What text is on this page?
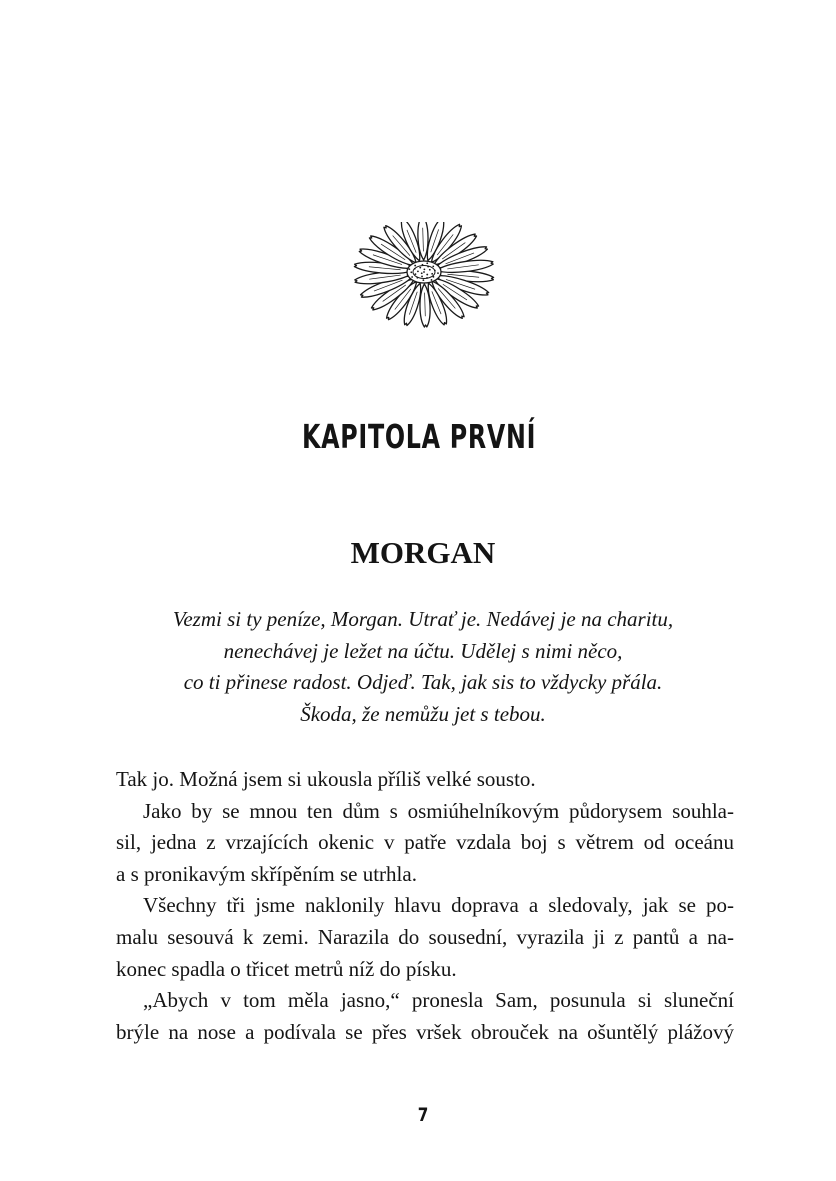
KAPITOLA PRVNÍ
MORGAN
Vezmi si ty peníze, Morgan. Utrať je. Nedávej je na charitu,
nenechávej je ležet na účtu. Udělej s nimi něco,
co ti přinese radost. Odjeď. Tak, jak sis to vždycky přála.
Škoda, že nemůžu jet s tebou.
Tak jo. Možná jsem si ukousla příliš velké sousto.
Jako by se mnou ten dům s osmiúhelníkovým půdorysem souhla-
sil, jedna z vrzajících okenic v patře vzdala boj s větrem od oceánu
a s pronikavým skřípěním se utrhla.
Všechny tři jsme naklonily hlavu doprava a sledovaly, jak se po-
malu sesouvá k zemi. Narazila do sousední, vyrazila ji z pantů a na-
konec spadla o třicet metrů níž do písku.
„Abych v tom měla jasno,“ pronesla Sam, posunula si sluneční
brýle na nose a podívala se přes vršek obrouček na ošuntělý plážový
7
